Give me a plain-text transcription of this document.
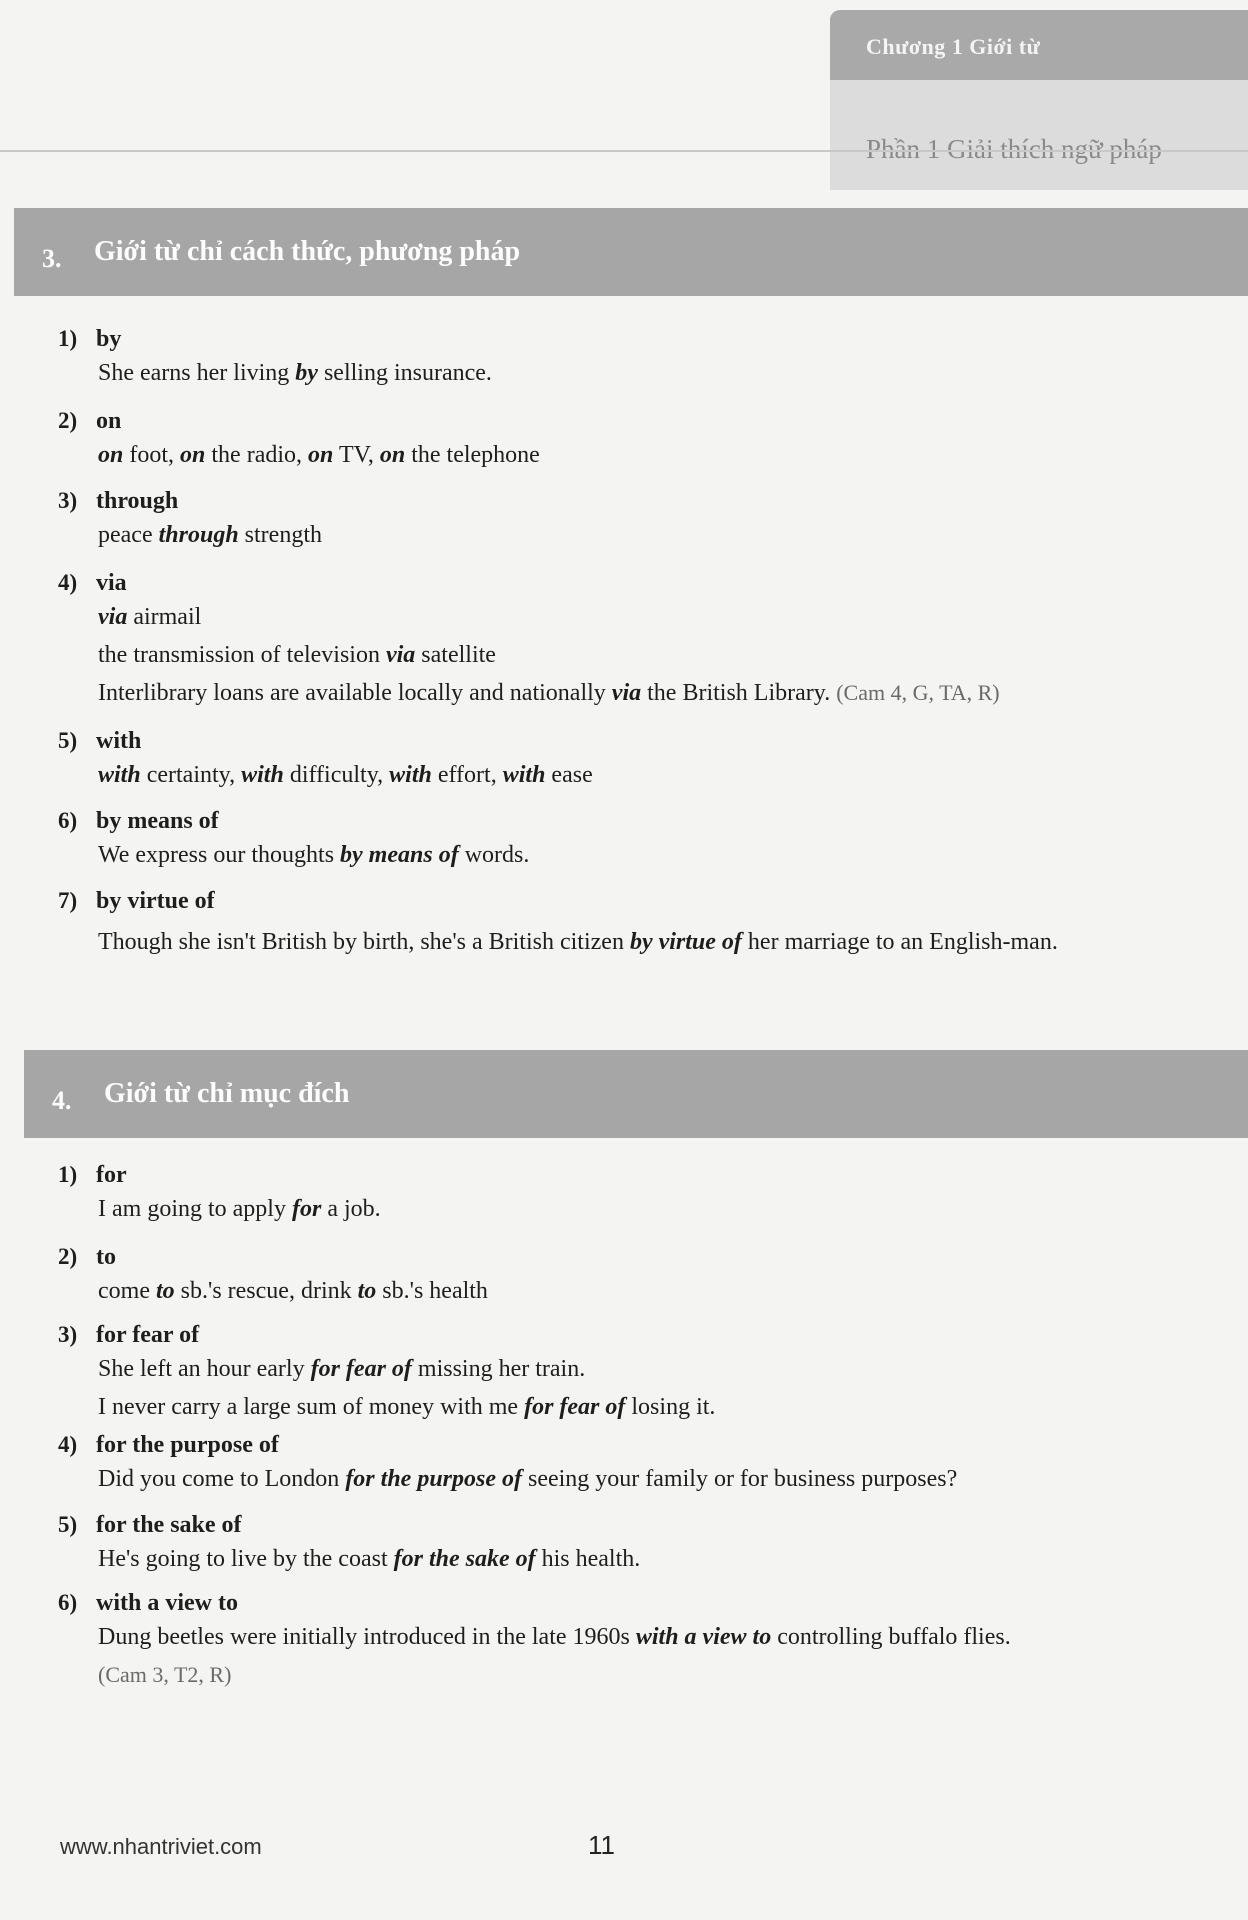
Chương 1 Giới từ
Phần 1 Giải thích ngữ pháp
3. Giới từ chỉ cách thức, phương pháp
1) by
She earns her living by selling insurance.
2) on
on foot, on the radio, on TV, on the telephone
3) through
peace through strength
4) via
via airmail
the transmission of television via satellite
Interlibrary loans are available locally and nationally via the British Library. (Cam 4, G, TA, R)
5) with
with certainty, with difficulty, with effort, with ease
6) by means of
We express our thoughts by means of words.
7) by virtue of
Though she isn't British by birth, she's a British citizen by virtue of her marriage to an English-man.
4. Giới từ chỉ mục đích
1) for
I am going to apply for a job.
2) to
come to sb.'s rescue, drink to sb.'s health
3) for fear of
She left an hour early for fear of missing her train.
I never carry a large sum of money with me for fear of losing it.
4) for the purpose of
Did you come to London for the purpose of seeing your family or for business purposes?
5) for the sake of
He's going to live by the coast for the sake of his health.
6) with a view to
Dung beetles were initially introduced in the late 1960s with a view to controlling buffalo flies.
(Cam 3, T2, R)
www.nhantriviet.com	11
